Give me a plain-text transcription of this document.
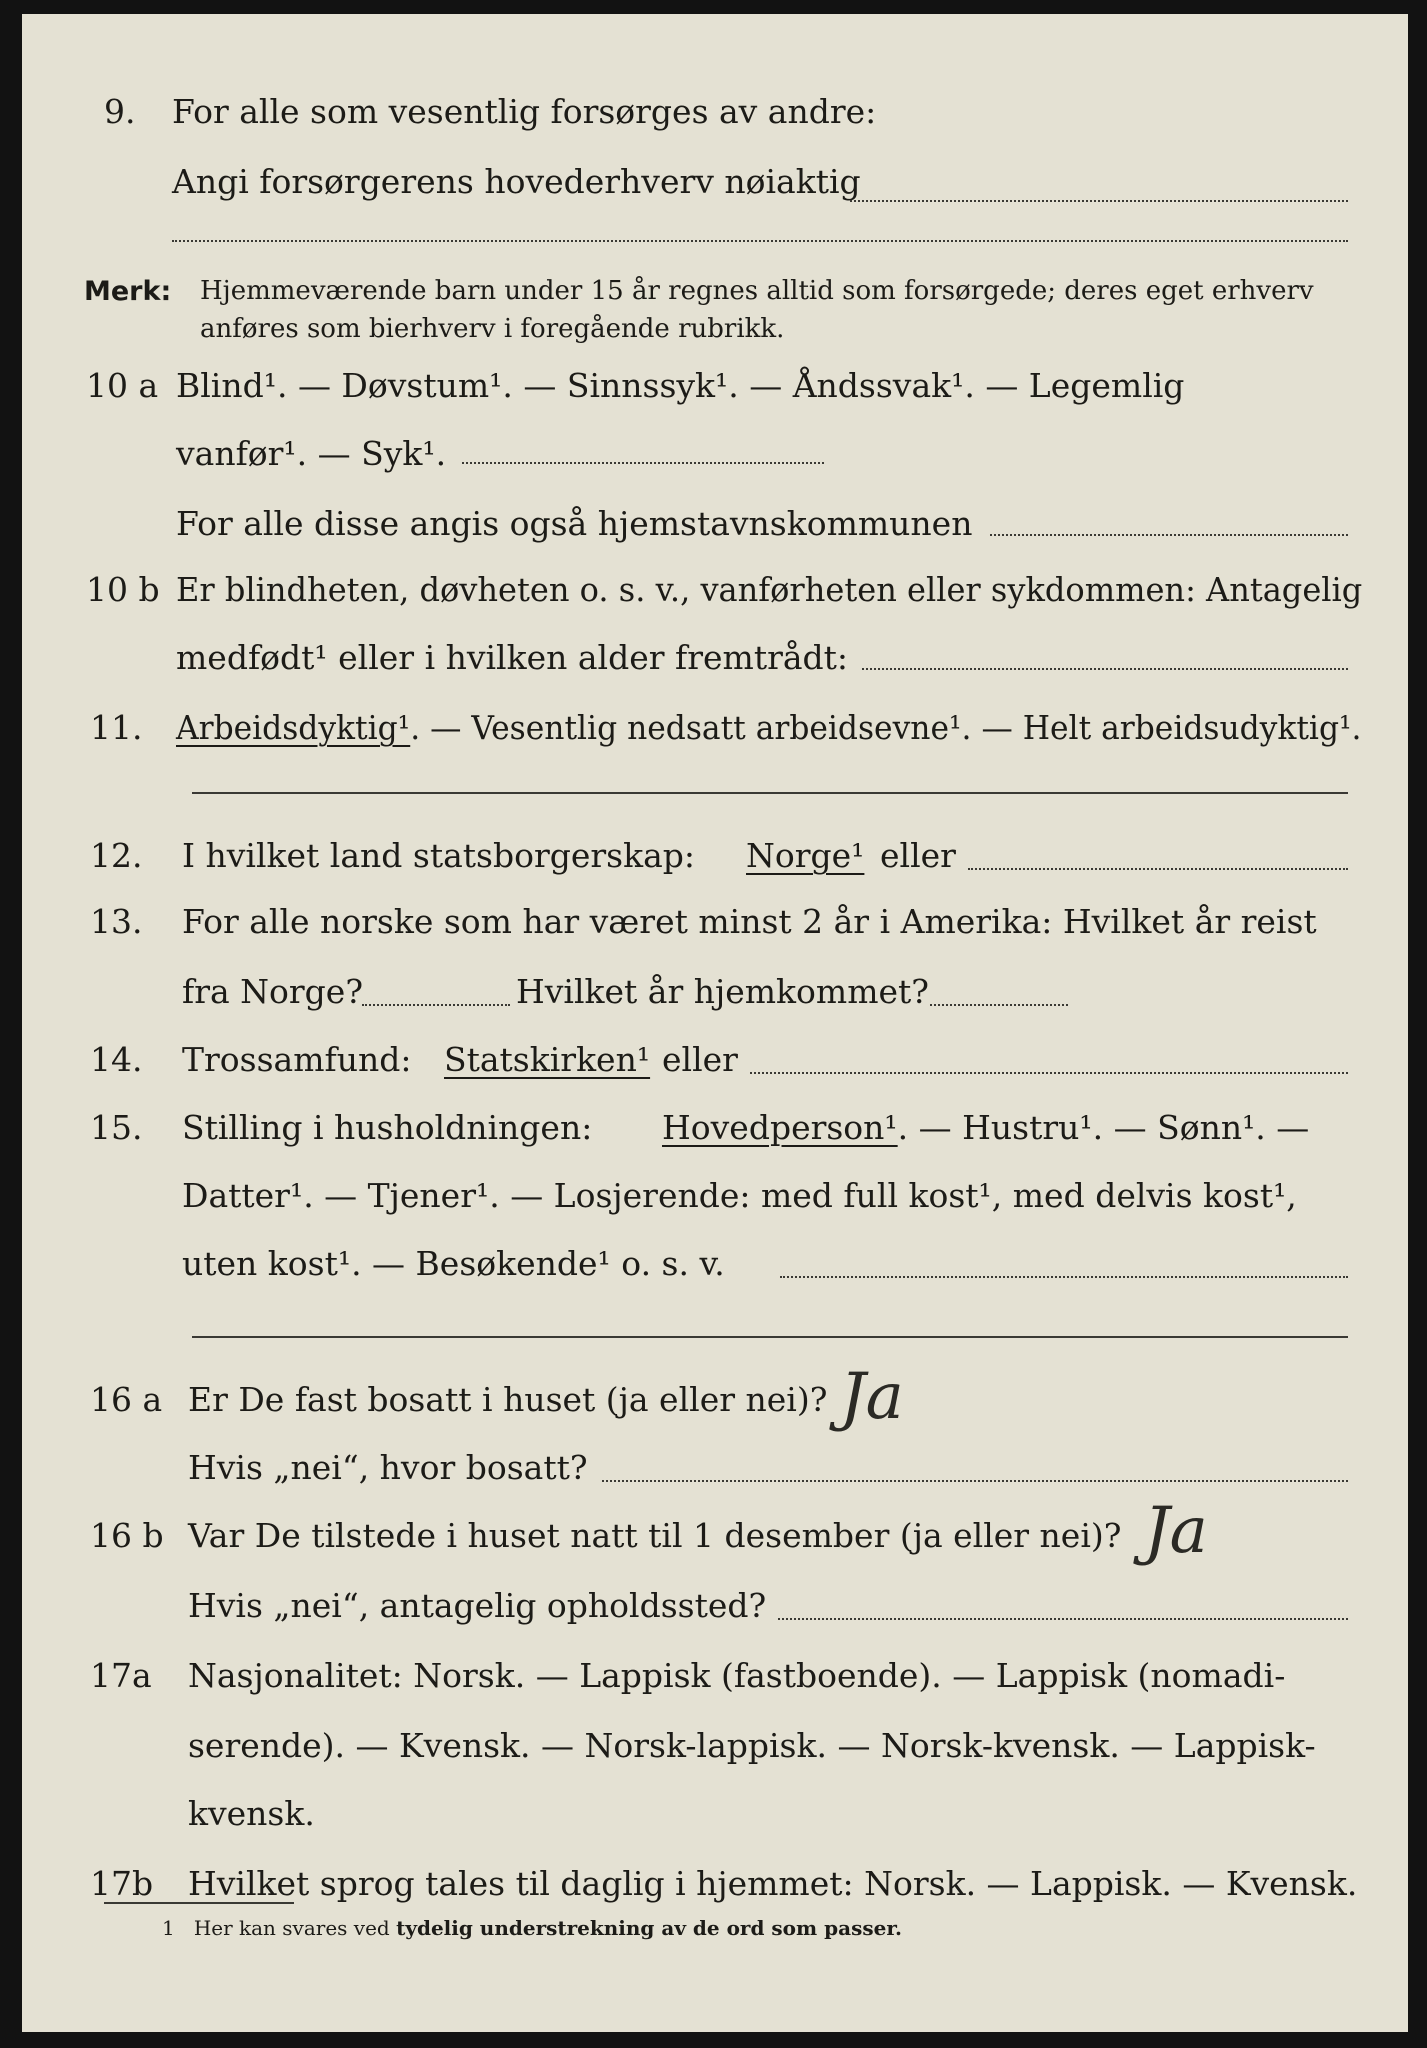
9. For alle som vesentlig forsørges av andre:
Angi forsørgerens hovederhverv nøiaktig
Merk: Hjemmeværende barn under 15 år regnes alltid som forsørgede; deres eget erhverv
anføres som bierhverv i foregående rubrikk.
10 a Blind¹. — Døvstum¹. — Sinnssyk¹. — Åndssvak¹. — Legemlig
vanfør¹. — Syk¹.
For alle disse angis også hjemstavnskommunen
10 b Er blindheten, døvheten o. s. v., vanførheten eller sykdommen: Antagelig
medfødt¹ eller i hvilken alder fremtrådt:
11. Arbeidsdyktig¹. — Vesentlig nedsatt arbeidsevne¹. — Helt arbeidsudyktig¹.
12. I hvilket land statsborgerskap: Norge¹ eller
13. For alle norske som har været minst 2 år i Amerika: Hvilket år reist
fra Norge?	Hvilket år hjemkommet?
14. Trossamfund: Statskirken¹ eller
15. Stilling i husholdningen: Hovedperson¹. — Hustru¹. — Sønn¹. —
Datter¹. — Tjener¹. — Losjerende: med full kost¹, med delvis kost¹,
uten kost¹. — Besøkende¹ o. s. v.
16 a Er De fast bosatt i huset (ja eller nei)? Ja
Hvis „nei“, hvor bosatt?
16 b Var De tilstede i huset natt til 1 desember (ja eller nei)? Ja
Hvis „nei“, antagelig opholdssted?
17a Nasjonalitet: Norsk. — Lappisk (fastboende). — Lappisk (nomadi-
serende). — Kvensk. — Norsk-lappisk. — Norsk-kvensk. — Lappisk-
kvensk.
17b Hvilket sprog tales til daglig i hjemmet: Norsk. — Lappisk. — Kvensk.
1 Her kan svares ved tydelig understrekning av de ord som passer.
